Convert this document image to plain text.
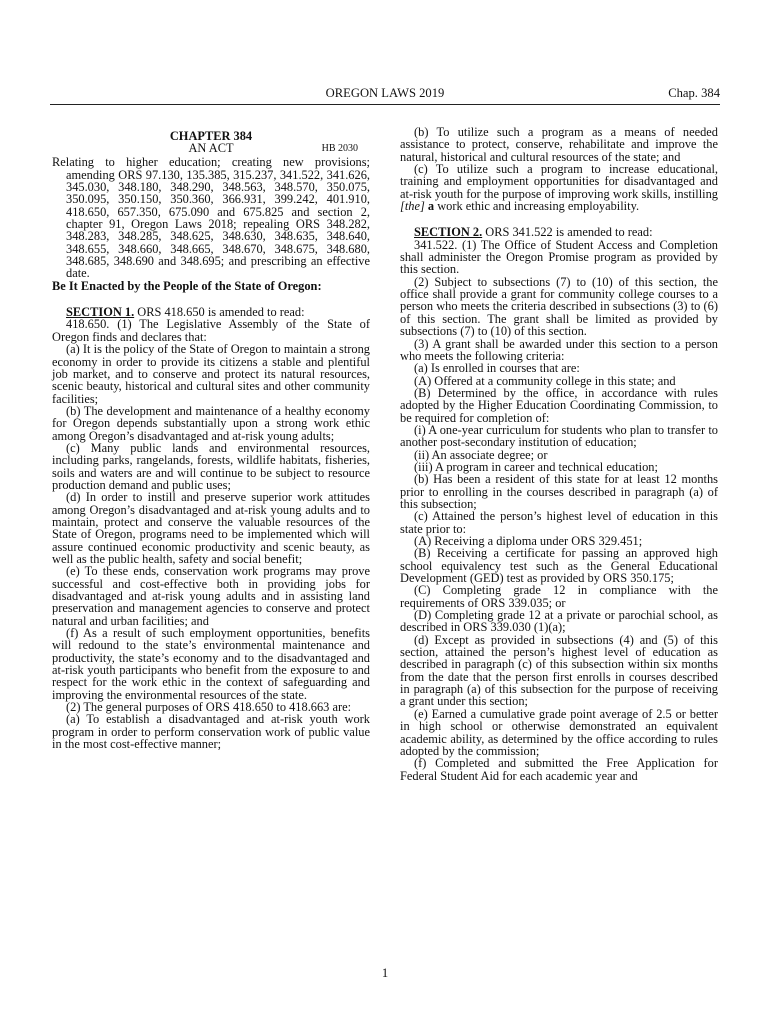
OREGON LAWS 2019	Chap. 384

CHAPTER 384

AN ACT	HB 2030

Relating to higher education; creating new provisions; amending ORS 97.130, 135.385, 315.237, 341.522, 341.626, 345.030, 348.180, 348.290, 348.563, 348.570, 350.075, 350.095, 350.150, 350.360, 366.931, 399.242, 401.910, 418.650, 657.350, 675.090 and 675.825 and section 2, chapter 91, Oregon Laws 2018; repealing ORS 348.282, 348.283, 348.285, 348.625, 348.630, 348.635, 348.640, 348.655, 348.660, 348.665, 348.670, 348.675, 348.680, 348.685, 348.690 and 348.695; and prescribing an effective date.

Be It Enacted by the People of the State of Oregon:

SECTION 1. ORS 418.650 is amended to read:

418.650. (1) The Legislative Assembly of the State of Oregon finds and declares that:

(a) It is the policy of the State of Oregon to maintain a strong economy in order to provide its citizens a stable and plentiful job market, and to conserve and protect its natural resources, scenic beauty, historical and cultural sites and other community facilities;

(b) The development and maintenance of a healthy economy for Oregon depends substantially upon a strong work ethic among Oregon’s disadvantaged and at-risk young adults;

(c) Many public lands and environmental resources, including parks, rangelands, forests, wildlife habitats, fisheries, soils and waters are and will continue to be subject to resource production demand and public uses;

(d) In order to instill and preserve superior work attitudes among Oregon’s disadvantaged and at-risk young adults and to maintain, protect and conserve the valuable resources of the State of Oregon, programs need to be implemented which will assure continued economic productivity and scenic beauty, as well as the public health, safety and social benefit;

(e) To these ends, conservation work programs may prove successful and cost-effective both in providing jobs for disadvantaged and at-risk young adults and in assisting land preservation and management agencies to conserve and protect natural and urban facilities; and

(f) As a result of such employment opportunities, benefits will redound to the state’s environmental maintenance and productivity, the state’s economy and to the disadvantaged and at-risk youth participants who benefit from the exposure to and respect for the work ethic in the context of safeguarding and improving the environmental resources of the state.

(2) The general purposes of ORS 418.650 to 418.663 are:

(a) To establish a disadvantaged and at-risk youth work program in order to perform conservation work of public value in the most cost-effective manner;

(b) To utilize such a program as a means of needed assistance to protect, conserve, rehabilitate and improve the natural, historical and cultural resources of the state; and

(c) To utilize such a program to increase educational, training and employment opportunities for disadvantaged and at-risk youth for the purpose of improving work skills, instilling [the] a work ethic and increasing employability.

SECTION 2. ORS 341.522 is amended to read:

341.522. (1) The Office of Student Access and Completion shall administer the Oregon Promise program as provided by this section.

(2) Subject to subsections (7) to (10) of this section, the office shall provide a grant for community college courses to a person who meets the criteria described in subsections (3) to (6) of this section. The grant shall be limited as provided by subsections (7) to (10) of this section.

(3) A grant shall be awarded under this section to a person who meets the following criteria:

(a) Is enrolled in courses that are:

(A) Offered at a community college in this state; and

(B) Determined by the office, in accordance with rules adopted by the Higher Education Coordinating Commission, to be required for completion of:

(i) A one-year curriculum for students who plan to transfer to another post-secondary institution of education;

(ii) An associate degree; or

(iii) A program in career and technical education;

(b) Has been a resident of this state for at least 12 months prior to enrolling in the courses described in paragraph (a) of this subsection;

(c) Attained the person’s highest level of education in this state prior to:

(A) Receiving a diploma under ORS 329.451;

(B) Receiving a certificate for passing an approved high school equivalency test such as the General Educational Development (GED) test as provided by ORS 350.175;

(C) Completing grade 12 in compliance with the requirements of ORS 339.035; or

(D) Completing grade 12 at a private or parochial school, as described in ORS 339.030 (1)(a);

(d) Except as provided in subsections (4) and (5) of this section, attained the person’s highest level of education as described in paragraph (c) of this subsection within six months from the date that the person first enrolls in courses described in paragraph (a) of this subsection for the purpose of receiving a grant under this section;

(e) Earned a cumulative grade point average of 2.5 or better in high school or otherwise demonstrated an equivalent academic ability, as determined by the office according to rules adopted by the commission;

(f) Completed and submitted the Free Application for Federal Student Aid for each academic year and

1
